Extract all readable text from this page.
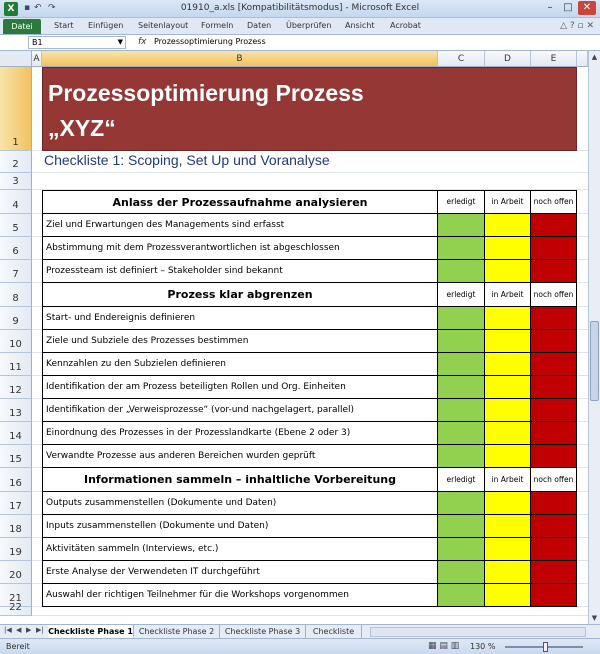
X	▪ ↶ ↷	01910_a.xls [Kompatibilitätsmodus] - Microsoft Excel	–	□	✕
Datei	Start Einfügen Seitenlayout Formeln Daten Überprüfen Ansicht Acrobat	△ ? ▫ ✕
B1	▼ fx Prozessoptimierung Prozess
A	B	C	D	E
1
2
3
4
5
6
7
8
9
10
11
12
13
14
15
16
17
18
19
20
21
22
Prozessoptimierung Prozess
„XYZ“
Checkliste 1: Scoping, Set Up und Voranalyse
Anlass der Prozessaufnahme analysieren	erledigt in Arbeit noch offen
Ziel und Erwartungen des Managements sind erfasst
Abstimmung mit dem Prozessverantwortlichen ist abgeschlossen
Prozessteam ist definiert – Stakeholder sind bekannt
Prozess klar abgrenzen	erledigt in Arbeit noch offen
Start- und Endereignis definieren
Ziele und Subziele des Prozesses bestimmen
Kennzahlen zu den Subzielen definieren
Identifikation der am Prozess beteiligten Rollen und Org. Einheiten
Identifikation der „Verweisprozesse“ (vor-und nachgelagert, parallel)
Einordnung des Prozesses in der Prozesslandkarte (Ebene 2 oder 3)
Verwandte Prozesse aus anderen Bereichen wurden geprüft
Informationen sammeln – inhaltliche Vorbereitung	erledigt in Arbeit noch offen
Outputs zusammenstellen (Dokumente und Daten)
Inputs zusammenstellen (Dokumente und Daten)
Aktivitäten sammeln (Interviews, etc.)
Erste Analyse der Verwendeten IT durchgeführt
Auswahl der richtigen Teilnehmer für die Workshops vorgenommen
▲
▼
|◀ ◀ ▶ ▶| Checkliste Phase 1 Checkliste Phase 2	Checkliste Phase 3	Checkliste
Bereit	▦ ▤ ▥ 130 %
